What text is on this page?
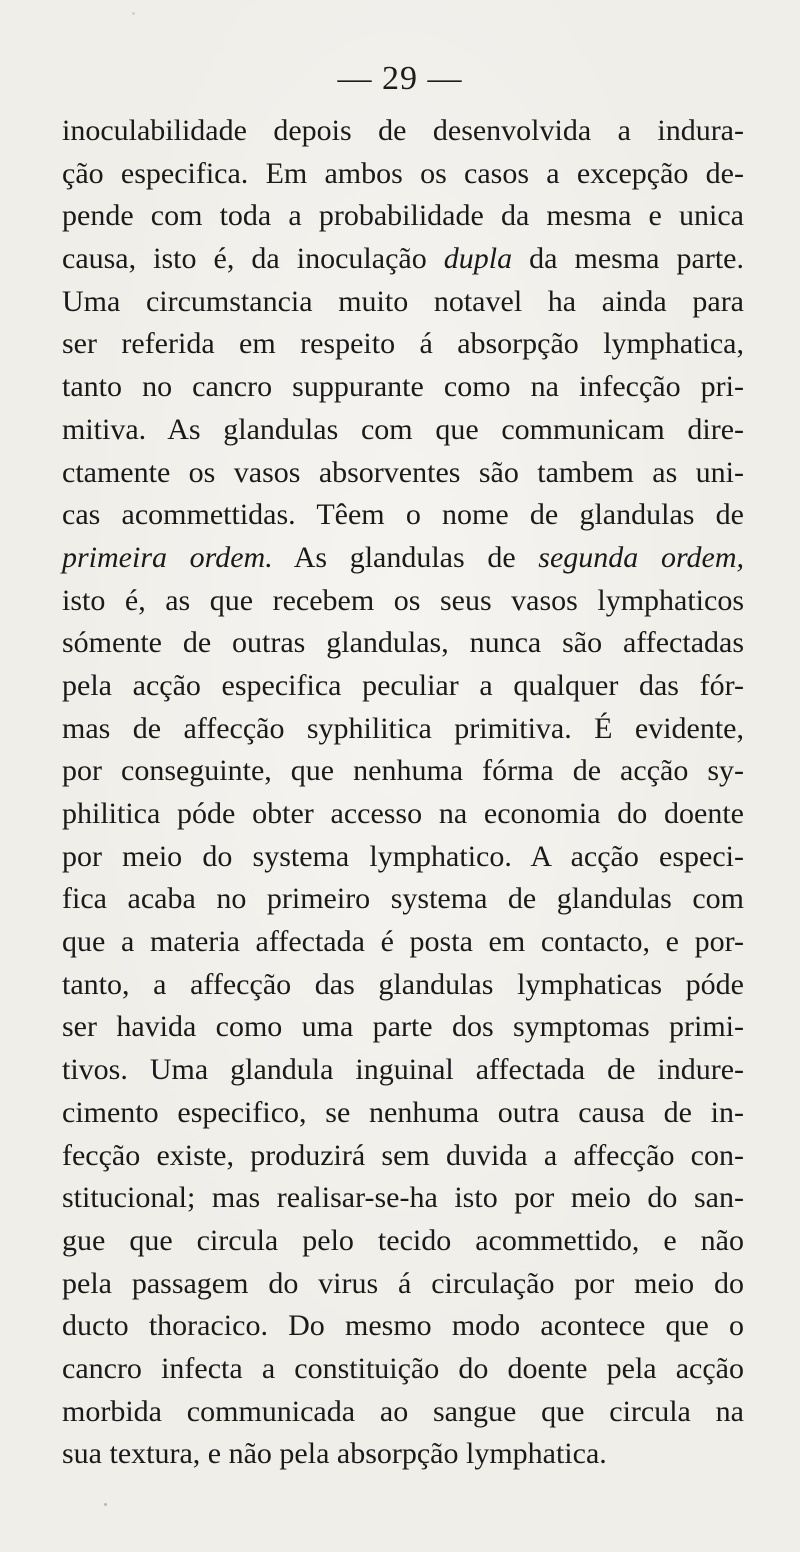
— 29 —
inoculabilidade depois de desenvolvida a indura-
ção especifica. Em ambos os casos a excepção de-
pende com toda a probabilidade da mesma e unica
causa, isto é, da inoculação dupla da mesma parte.
Uma circumstancia muito notavel ha ainda para
ser referida em respeito á absorpção lymphatica,
tanto no cancro suppurante como na infecção pri-
mitiva. As glandulas com que communicam dire-
ctamente os vasos absorventes são tambem as uni-
cas acommettidas. Têem o nome de glandulas de
primeira ordem. As glandulas de segunda ordem,
isto é, as que recebem os seus vasos lymphaticos
sómente de outras glandulas, nunca são affectadas
pela acção especifica peculiar a qualquer das fór-
mas de affecção syphilitica primitiva. É evidente,
por conseguinte, que nenhuma fórma de acção sy-
philitica póde obter accesso na economia do doente
por meio do systema lymphatico. A acção especi-
fica acaba no primeiro systema de glandulas com
que a materia affectada é posta em contacto, e por-
tanto, a affecção das glandulas lymphaticas póde
ser havida como uma parte dos symptomas primi-
tivos. Uma glandula inguinal affectada de indure-
cimento especifico, se nenhuma outra causa de in-
fecção existe, produzirá sem duvida a affecção con-
stitucional; mas realisar-se-ha isto por meio do san-
gue que circula pelo tecido acommettido, e não
pela passagem do virus á circulação por meio do
ducto thoracico. Do mesmo modo acontece que o
cancro infecta a constituição do doente pela acção
morbida communicada ao sangue que circula na
sua textura, e não pela absorpção lymphatica.
